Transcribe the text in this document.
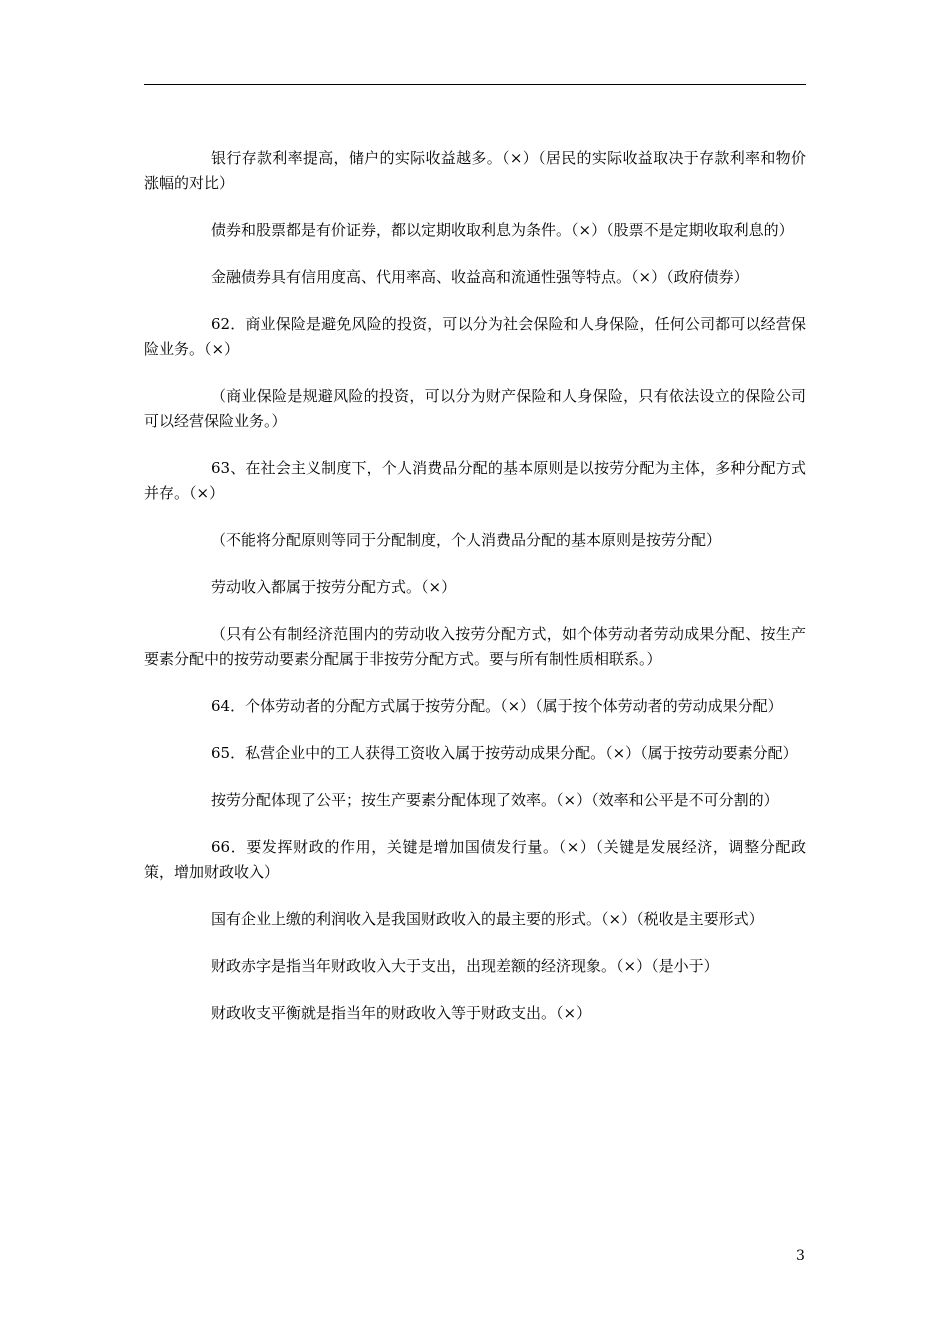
银行存款利率提高，储户的实际收益越多。（×）（居民的实际收益取决于存款利率和物价涨幅的对比）

债券和股票都是有价证券，都以定期收取利息为条件。（×）（股票不是定期收取利息的）

金融债券具有信用度高、代用率高、收益高和流通性强等特点。（×）（政府债券）

62．商业保险是避免风险的投资，可以分为社会保险和人身保险，任何公司都可以经营保险业务。（×）

（商业保险是规避风险的投资，可以分为财产保险和人身保险，只有依法设立的保险公司可以经营保险业务。）

63、在社会主义制度下，个人消费品分配的基本原则是以按劳分配为主体，多种分配方式并存。（×）

（不能将分配原则等同于分配制度，个人消费品分配的基本原则是按劳分配）

劳动收入都属于按劳分配方式。（×）

（只有公有制经济范围内的劳动收入按劳分配方式，如个体劳动者劳动成果分配、按生产要素分配中的按劳动要素分配属于非按劳分配方式。要与所有制性质相联系。）

64．个体劳动者的分配方式属于按劳分配。（×）（属于按个体劳动者的劳动成果分配）

65．私营企业中的工人获得工资收入属于按劳动成果分配。（×）（属于按劳动要素分配）

按劳分配体现了公平；按生产要素分配体现了效率。（×）（效率和公平是不可分割的）

66．要发挥财政的作用，关键是增加国债发行量。（×）（关键是发展经济，调整分配政策，增加财政收入）

国有企业上缴的利润收入是我国财政收入的最主要的形式。（×）（税收是主要形式）

财政赤字是指当年财政收入大于支出，出现差额的经济现象。（×）（是小于）

财政收支平衡就是指当年的财政收入等于财政支出。（×）

3
